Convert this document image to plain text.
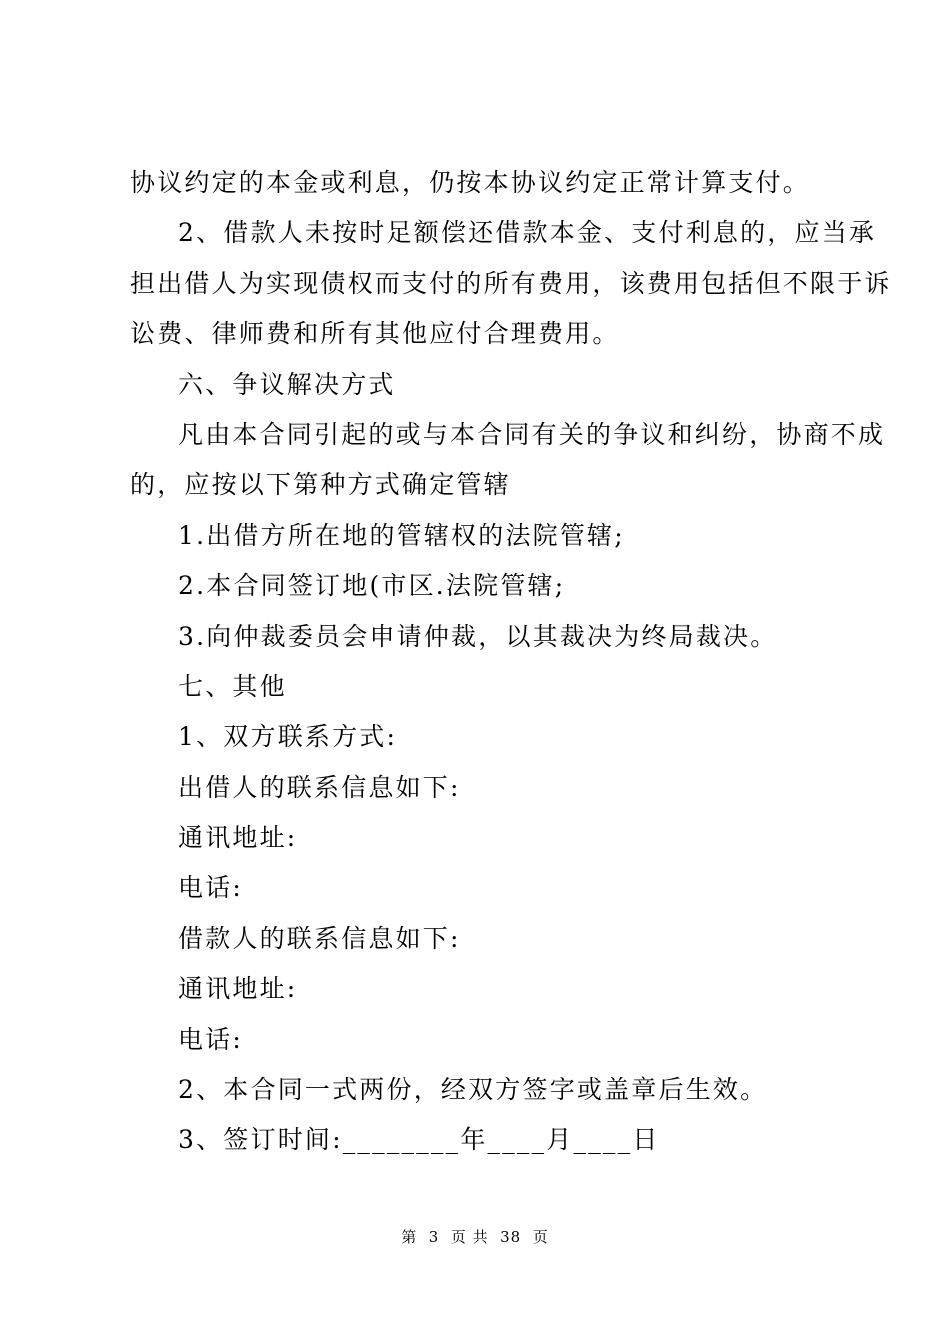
协议约定的本金或利息，仍按本协议约定正常计算支付。
2、借款人未按时足额偿还借款本金、支付利息的，应当承
担出借人为实现债权而支付的所有费用，该费用包括但不限于诉
讼费、律师费和所有其他应付合理费用。
六、争议解决方式
凡由本合同引起的或与本合同有关的争议和纠纷，协商不成
的，应按以下第种方式确定管辖
1.出借方所在地的管辖权的法院管辖;
2.本合同签订地(市区.法院管辖;
3.向仲裁委员会申请仲裁，以其裁决为终局裁决。
七、其他
1、双方联系方式:
出借人的联系信息如下:
通讯地址:
电话:
借款人的联系信息如下:
通讯地址:
电话:
2、本合同一式两份，经双方签字或盖章后生效。
3、签订时间:________年____月____日
第  3  页 共  38  页
